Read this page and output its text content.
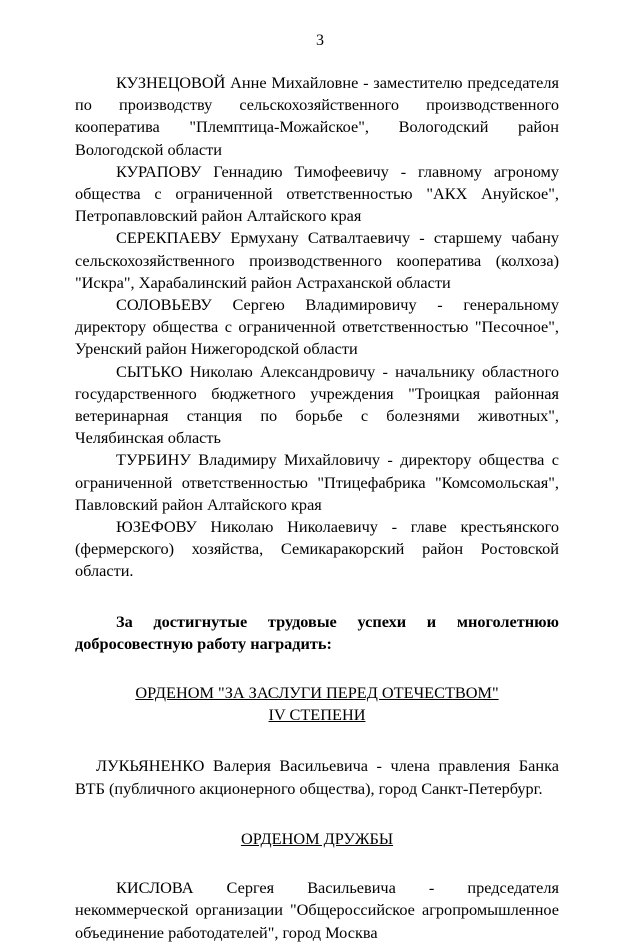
3

КУЗНЕЦОВОЙ Анне Михайловне - заместителю председателя по производству сельскохозяйственного производственного кооператива "Племптица-Можайское", Вологодский район Вологодской области

КУРАПОВУ Геннадию Тимофеевичу - главному агроному общества с ограниченной ответственностью "АКХ Ануйское", Петропавловский район Алтайского края

СЕРЕКПАЕВУ Ермухану Сатвалтаевичу - старшему чабану сельскохозяйственного производственного кооператива (колхоза) "Искра", Харабалинский район Астраханской области

СОЛОВЬЕВУ Сергею Владимировичу - генеральному директору общества с ограниченной ответственностью "Песочное", Уренский район Нижегородской области

СЫТЬКО Николаю Александровичу - начальнику областного государственного бюджетного учреждения "Троицкая районная ветеринарная станция по борьбе с болезнями животных", Челябинская область

ТУРБИНУ Владимиру Михайловичу - директору общества с ограниченной ответственностью "Птицефабрика "Комсомольская", Павловский район Алтайского края

ЮЗЕФОВУ Николаю Николаевичу - главе крестьянского (фермерского) хозяйства, Семикаракорский район Ростовской области.

За достигнутые трудовые успехи и многолетнюю добросовестную работу наградить:

ОРДЕНОМ "ЗА ЗАСЛУГИ ПЕРЕД ОТЕЧЕСТВОМ"

IV СТЕПЕНИ

ЛУКЬЯНЕНКО Валерия Васильевича - члена правления Банка ВТБ (публичного акционерного общества), город Санкт-Петербург.

ОРДЕНОМ ДРУЖБЫ

КИСЛОВА Сергея Васильевича - председателя некоммерческой организации "Общероссийское агропромышленное объединение работодателей", город Москва
